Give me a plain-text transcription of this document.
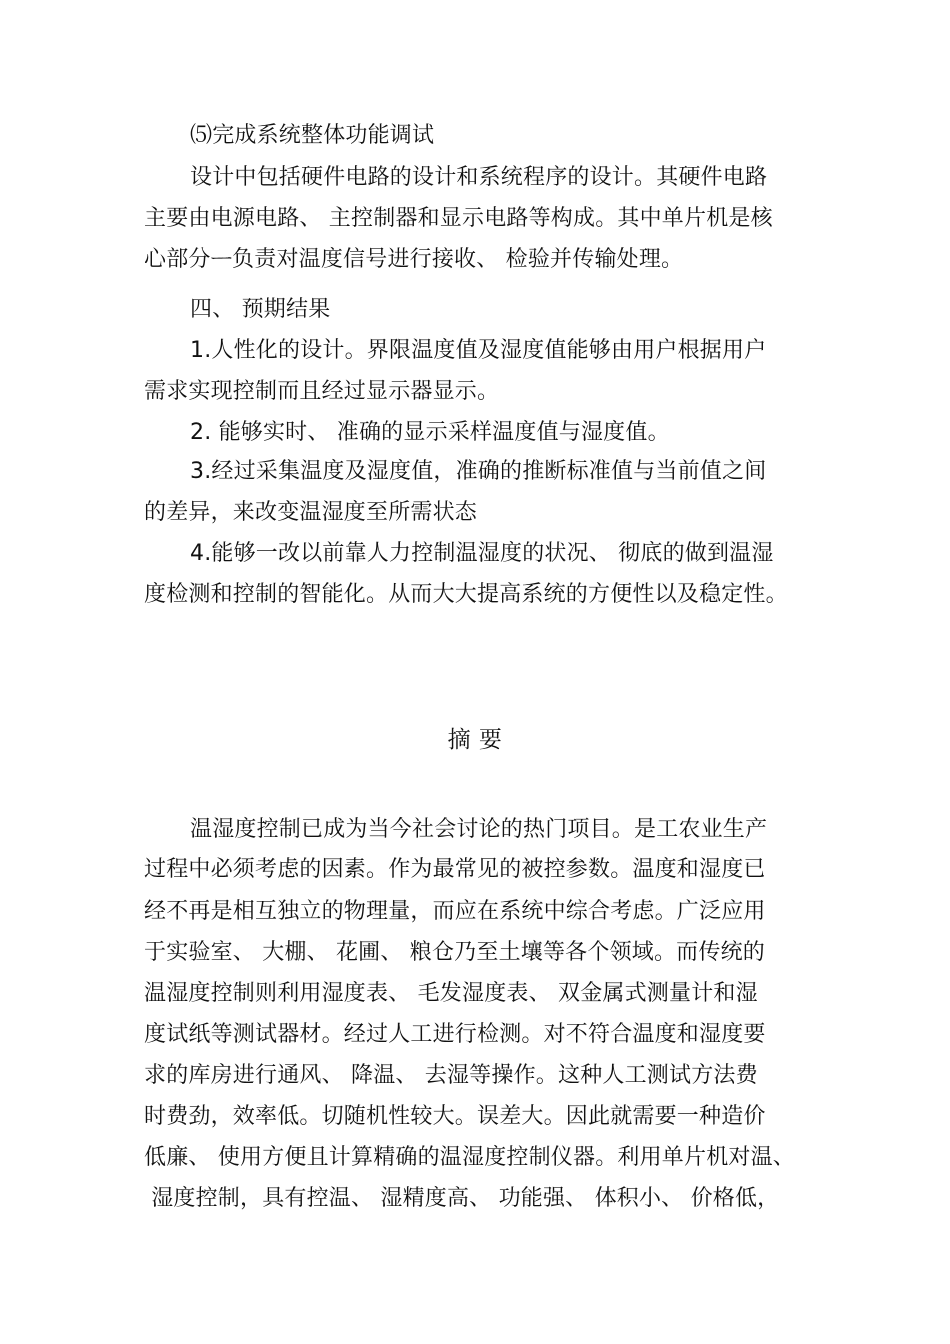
⑸完成系统整体功能调试
设计中包括硬件电路的设计和系统程序的设计。其硬件电路
主要由电源电路、 主控制器和显示电路等构成。其中单片机是核
心部分ᅳ负责对温度信号进行接收、 检验并传输处理。
四、 预期结果
1.人性化的设计。界限温度值及湿度值能够由用户根据用户
需求实现控制而且经过显示器显示。
2. 能够实时、 准确的显示采样温度值与湿度值。
3.经过采集温度及湿度值，准确的推断标准值与当前值之间
的差异，来改变温湿度至所需状态
4.能够一改以前靠人力控制温湿度的状况、 彻底的做到温湿
度检测和控制的智能化。从而大大提高系统的方便性以及稳定性。
摘 要
温湿度控制已成为当今社会讨论的热门项目。是工农业生产
过程中必须考虑的因素。作为最常见的被控参数。温度和湿度已
经不再是相互独立的物理量，而应在系统中综合考虑。广泛应用
于实验室、 大棚、 花圃、 粮仓乃至土壤等各个领域。而传统的
温湿度控制则利用湿度表、 毛发湿度表、 双金属式测量计和湿
度试纸等测试器材。经过人工进行检测。对不符合温度和湿度要
求的库房进行通风、 降温、 去湿等操作。这种人工测试方法费
时费劲，效率低。切随机性较大。误差大。因此就需要一种造价
低廉、 使用方便且计算精确的温湿度控制仪器。利用单片机对温、
湿度控制，具有控温、 湿精度高、 功能强、 体积小、 价格低，
